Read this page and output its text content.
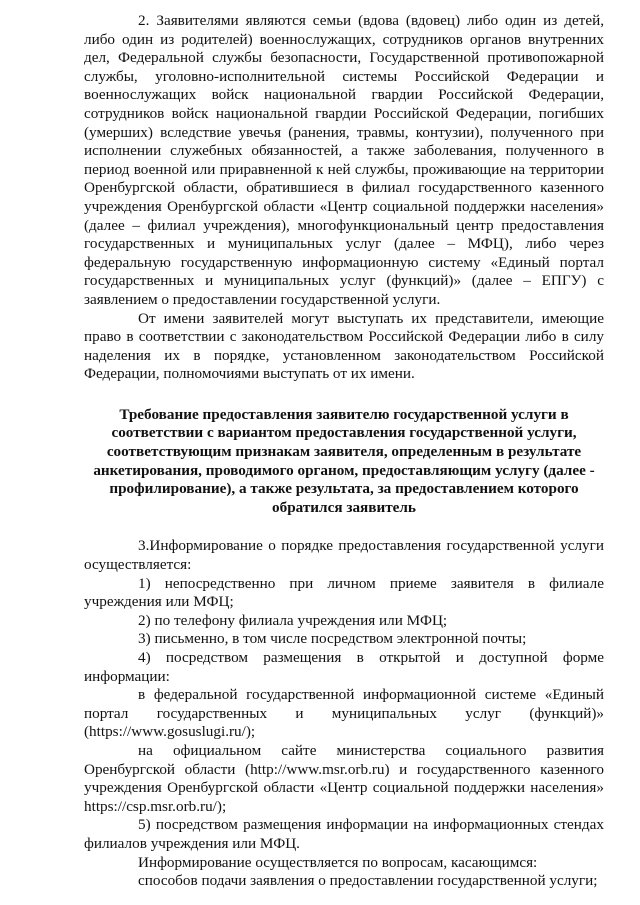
2. Заявителями являются семьи (вдова (вдовец) либо один из детей, либо один из родителей) военнослужащих, сотрудников органов внутренних дел, Федеральной службы безопасности, Государственной противопожарной службы, уголовно-исполнительной системы Российской Федерации и военнослужащих войск национальной гвардии Российской Федерации, сотрудников войск национальной гвардии Российской Федерации, погибших (умерших) вследствие увечья (ранения, травмы, контузии), полученного при исполнении служебных обязанностей, а также заболевания, полученного в период военной или приравненной к ней службы, проживающие на территории Оренбургской области, обратившиеся в филиал государственного казенного учреждения Оренбургской области «Центр социальной поддержки населения» (далее – филиал учреждения), многофункциональный центр предоставления государственных и муниципальных услуг (далее – МФЦ), либо через федеральную государственную информационную систему «Единый портал государственных и муниципальных услуг (функций)» (далее – ЕПГУ) с заявлением о предоставлении государственной услуги.

От имени заявителей могут выступать их представители, имеющие право в соответствии с законодательством Российской Федерации либо в силу наделения их в порядке, установленном законодательством Российской Федерации, полномочиями выступать от их имени.

Требование предоставления заявителю государственной услуги в соответствии с вариантом предоставления государственной услуги, соответствующим признакам заявителя, определенным в результате анкетирования, проводимого органом, предоставляющим услугу (далее - профилирование), а также результата, за предоставлением которого обратился заявитель

3.Информирование о порядке предоставления государственной услуги осуществляется:

1) непосредственно при личном приеме заявителя в филиале учреждения или МФЦ;

2) по телефону филиала учреждения или МФЦ;

3) письменно, в том числе посредством электронной почты;

4) посредством размещения в открытой и доступной форме информации:

в федеральной государственной информационной системе «Единый портал государственных и муниципальных услуг (функций)» (https://www.gosuslugi.ru/);

на официальном сайте министерства социального развития Оренбургской области (http://www.msr.orb.ru) и государственного казенного учреждения Оренбургской области «Центр социальной поддержки населения» https://csp.msr.orb.ru/);

5) посредством размещения информации на информационных стендах филиалов учреждения или МФЦ.

Информирование осуществляется по вопросам, касающимся:

способов подачи заявления о предоставлении государственной услуги;
